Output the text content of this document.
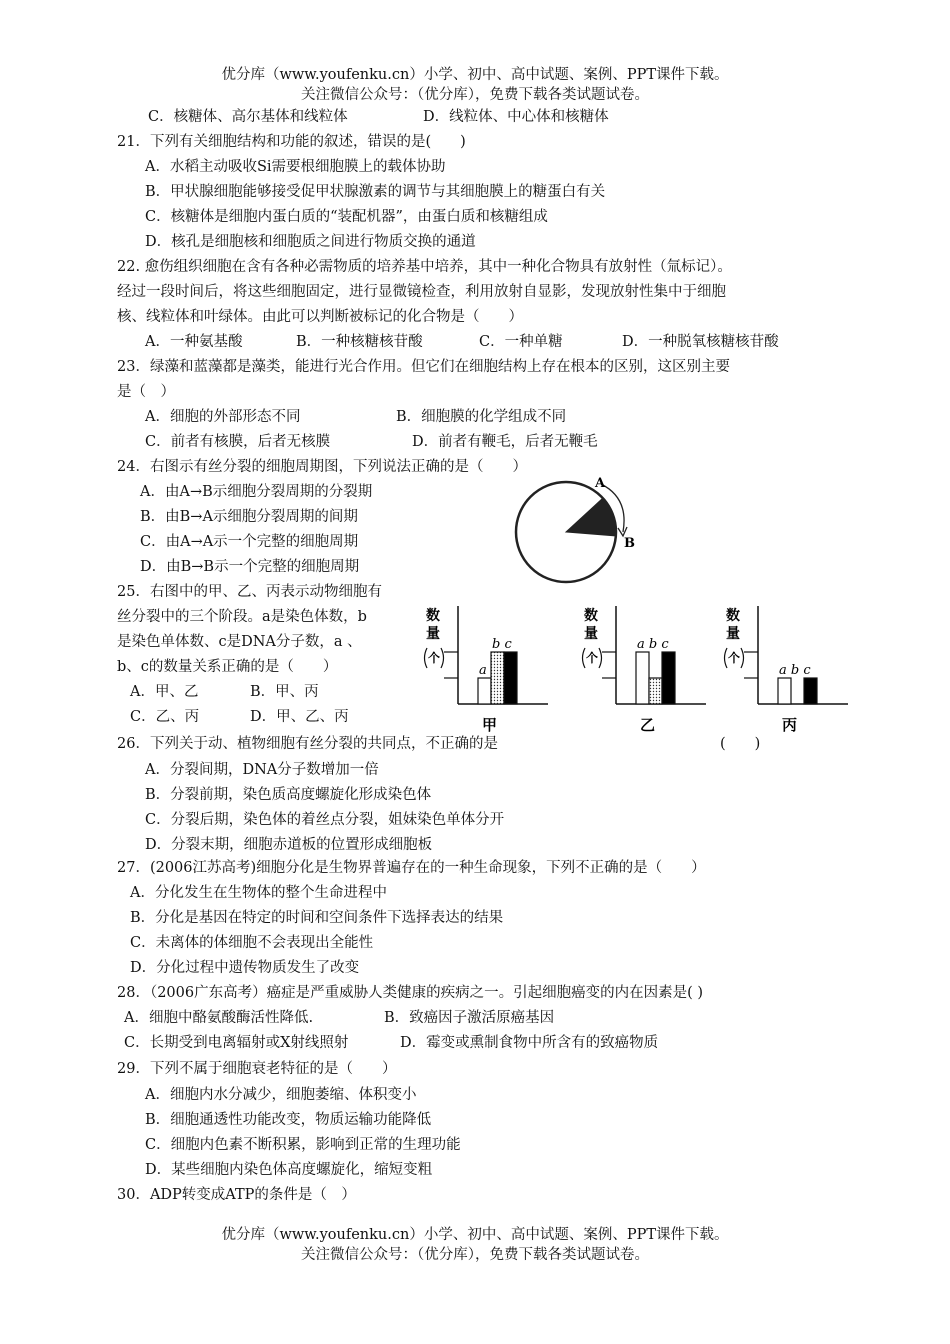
优分库（www.youfenku.cn）小学、初中、高中试题、案例、PPT课件下载。
关注微信公众号：（优分库），免费下载各类试题试卷。
C．核糖体、高尔基体和线粒体	D．线粒体、中心体和核糖体
21．下列有关细胞结构和功能的叙述，错误的是(　　)
A．水稻主动吸收Si需要根细胞膜上的载体协助
B．甲状腺细胞能够接受促甲状腺激素的调节与其细胞膜上的糖蛋白有关
C．核糖体是细胞内蛋白质的“装配机器”，由蛋白质和核糖组成
D．核孔是细胞核和细胞质之间进行物质交换的通道
22. 愈伤组织细胞在含有各种必需物质的培养基中培养，其中一种化合物具有放射性（氚标记）。
经过一段时间后，将这些细胞固定，进行显微镜检查，利用放射自显影，发现放射性集中于细胞
核、线粒体和叶绿体。由此可以判断被标记的化合物是（　　）
A．一种氨基酸	B．一种核糖核苷酸	C．一种单糖	D．一种脱氧核糖核苷酸
23．绿藻和蓝藻都是藻类，能进行光合作用。但它们在细胞结构上存在根本的区别，这区别主要
是（　）
A．细胞的外部形态不同	B．细胞膜的化学组成不同
C．前者有核膜，后者无核膜	D．前者有鞭毛，后者无鞭毛
24．右图示有丝分裂的细胞周期图，下列说法正确的是（　　）
A．由A→B示细胞分裂周期的分裂期
B．由B→A示细胞分裂周期的间期
C．由A→A示一个完整的细胞周期
D．由B→B示一个完整的细胞周期
A
B
25．右图中的甲、乙、丙表示动物细胞有
丝分裂中的三个阶段。a是染色体数，b
是染色单体数、c是DNA分子数，a 、
b、c的数量关系正确的是（　　）
A．甲、乙	B．甲、丙
C．乙、丙	D．甲、乙、丙
数
量
个
a
b c
甲
数
量
个
a b c
乙
数
量
个
a b c
丙
26．下列关于动、植物细胞有丝分裂的共同点，不正确的是	(　　)
A．分裂间期，DNA分子数增加一倍
B．分裂前期，染色质高度螺旋化形成染色体
C．分裂后期，染色体的着丝点分裂，姐妹染色单体分开
D．分裂末期，细胞赤道板的位置形成细胞板
27．(2006江苏高考)细胞分化是生物界普遍存在的一种生命现象，下列不正确的是（　　）
A．分化发生在生物体的整个生命进程中
B．分化是基因在特定的时间和空间条件下选择表达的结果
C．未离体的体细胞不会表现出全能性
D．分化过程中遗传物质发生了改变
28．（2006广东高考）癌症是严重威胁人类健康的疾病之一。引起细胞癌变的内在因素是( )
A．细胞中酪氨酸酶活性降低.	B．致癌因子激活原癌基因
C．长期受到电离辐射或X射线照射	D．霉变或熏制食物中所含有的致癌物质
29．下列不属于细胞衰老特征的是（　　）
A．细胞内水分减少，细胞萎缩、体积变小
B．细胞通透性功能改变，物质运输功能降低
C．细胞内色素不断积累，影响到正常的生理功能
D．某些细胞内染色体高度螺旋化，缩短变粗
30．ADP转变成ATP的条件是（　）
优分库（www.youfenku.cn）小学、初中、高中试题、案例、PPT课件下载。
关注微信公众号：（优分库），免费下载各类试题试卷。
